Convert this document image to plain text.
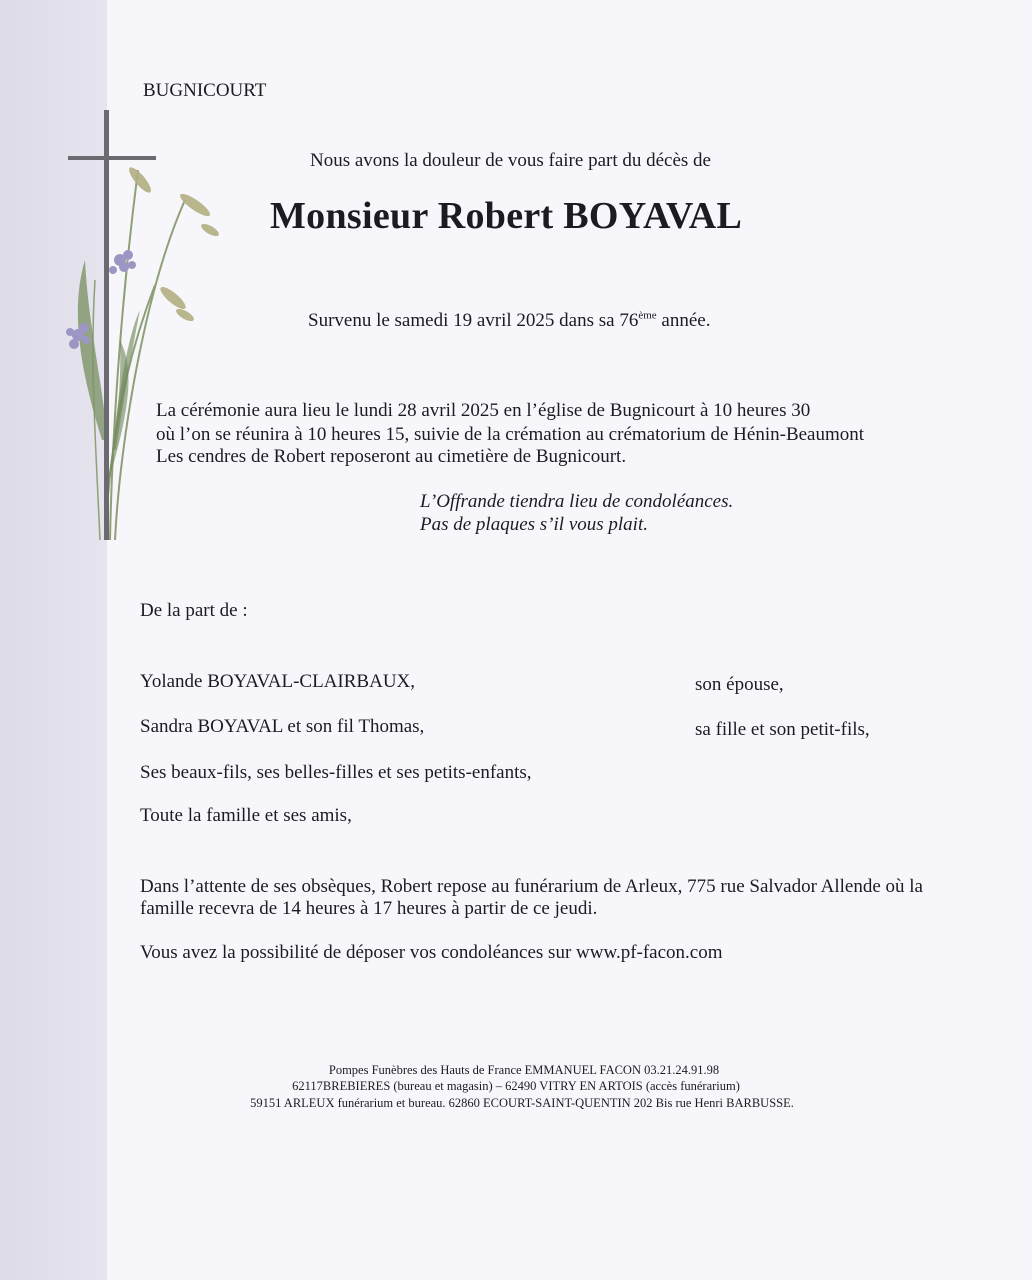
BUGNICOURT
Nous avons la douleur de vous faire part du décès de
Monsieur Robert BOYAVAL
Survenu le samedi 19 avril 2025 dans sa 76ème année.
La cérémonie aura lieu le lundi 28 avril 2025 en l’église de Bugnicourt à 10 heures 30
où l’on se réunira à 10 heures 15, suivie de la crémation au crématorium de Hénin-Beaumont
Les cendres de Robert reposeront au cimetière de Bugnicourt.
L’Offrande tiendra lieu de condoléances.
Pas de plaques s’il vous plait.
De la part de :
Yolande BOYAVAL-CLAIRBAUX,	son épouse,
Sandra BOYAVAL et son fil Thomas,	sa fille et son petit-fils,
Ses beaux-fils, ses belles-filles et ses petits-enfants,
Toute la famille et ses amis,
Dans l’attente de ses obsèques, Robert repose au funérarium de Arleux, 775 rue Salvador Allende où la
famille recevra de 14 heures à 17 heures à partir de ce jeudi.
Vous avez la possibilité de déposer vos condoléances sur www.pf-facon.com
Pompes Funèbres des Hauts de France EMMANUEL FACON 03.21.24.91.98
62117BREBIERES (bureau et magasin) – 62490 VITRY EN ARTOIS (accès funérarium)
59151 ARLEUX funérarium et bureau. 62860 ECOURT-SAINT-QUENTIN 202 Bis rue Henri BARBUSSE.
